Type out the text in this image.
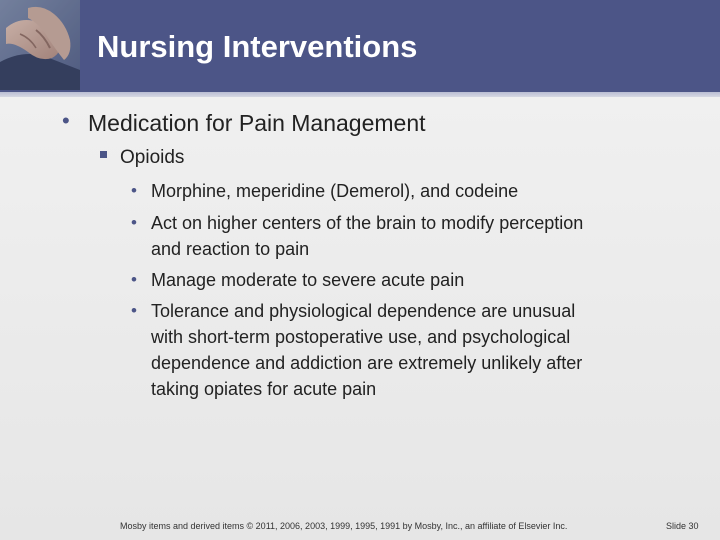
Nursing Interventions
• Medication for Pain Management

Opioids

• Morphine, meperidine (Demerol), and codeine

• Act on higher centers of the brain to modify perception

and reaction to pain

• Manage moderate to severe acute pain

• Tolerance and physiological dependence are unusual

with short-term postoperative use, and psychological

dependence and addiction are extremely unlikely after

taking opiates for acute pain

Mosby items and derived items © 2011, 2006, 2003, 1999, 1995, 1991 by Mosby, Inc., an affiliate of Elsevier Inc.	Slide 30
